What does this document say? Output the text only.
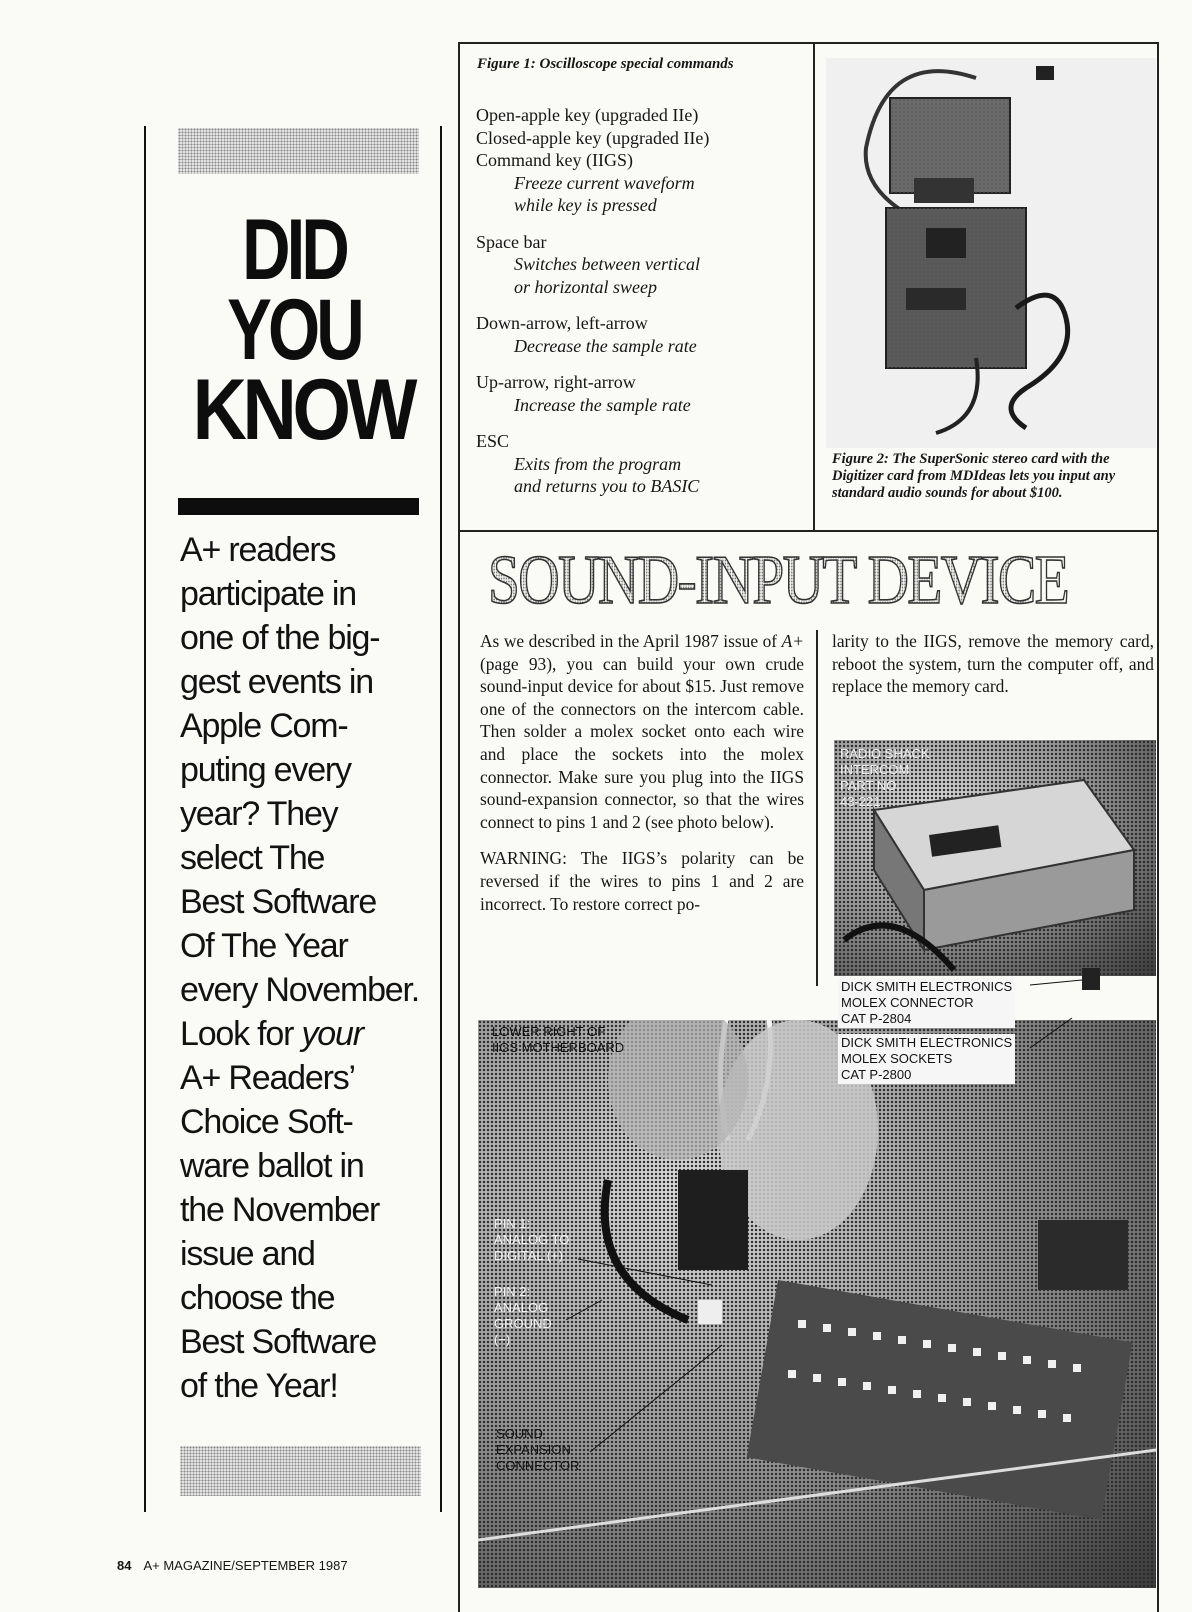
DID
YOU
KNOW
A+ readers
participate in
one of the big-
gest events in
Apple Com-
puting every
year? They
select The
Best Software
Of The Year
every November.
Look for your
A+ Readers’
Choice Soft-
ware ballot in
the November
issue and
choose the
Best Software
of the Year!
Figure 1: Oscilloscope special commands
Open-apple key (upgraded IIe)
Closed-apple key (upgraded IIe)
Command key (IIGS)
Freeze current waveform
while key is pressed
Space bar
Switches between vertical
or horizontal sweep
Down-arrow, left-arrow
Decrease the sample rate
Up-arrow, right-arrow
Increase the sample rate
ESC
Exits from the program
and returns you to BASIC
Figure 2: The SuperSonic stereo card with the Digitizer card from MDIdeas lets you input any standard audio sounds for about $100.
SOUND-INPUT DEVICE

As we described in the April 1987 issue of A+ (page 93), you can build your own crude sound-input device for about $15. Just remove one of the connectors on the intercom cable. Then solder a molex socket onto each wire and place the sockets into the molex connector. Make sure you plug into the IIGS sound-expansion connector, so that the wires connect to pins 1 and 2 (see photo below).

WARNING: The IIGS’s polarity can be reversed if the wires to pins 1 and 2 are incorrect. To restore correct po-

larity to the IIGS, remove the memory card, reboot the system, turn the computer off, and replace the memory card.

RADIO SHACK
INTERCOM
PART NO.
43-221
LOWER RIGHT OF
IIGS MOTHERBOARD
DICK SMITH ELECTRONICS
MOLEX CONNECTOR
CAT P-2804
DICK SMITH ELECTRONICS
MOLEX SOCKETS
CAT P-2800
PIN 1:
ANALOG TO
DIGITAL (+)
PIN 2:
ANALOG
GROUND
(−)
SOUND
EXPANSION
CONNECTOR
84 A+ MAGAZINE/SEPTEMBER 1987
